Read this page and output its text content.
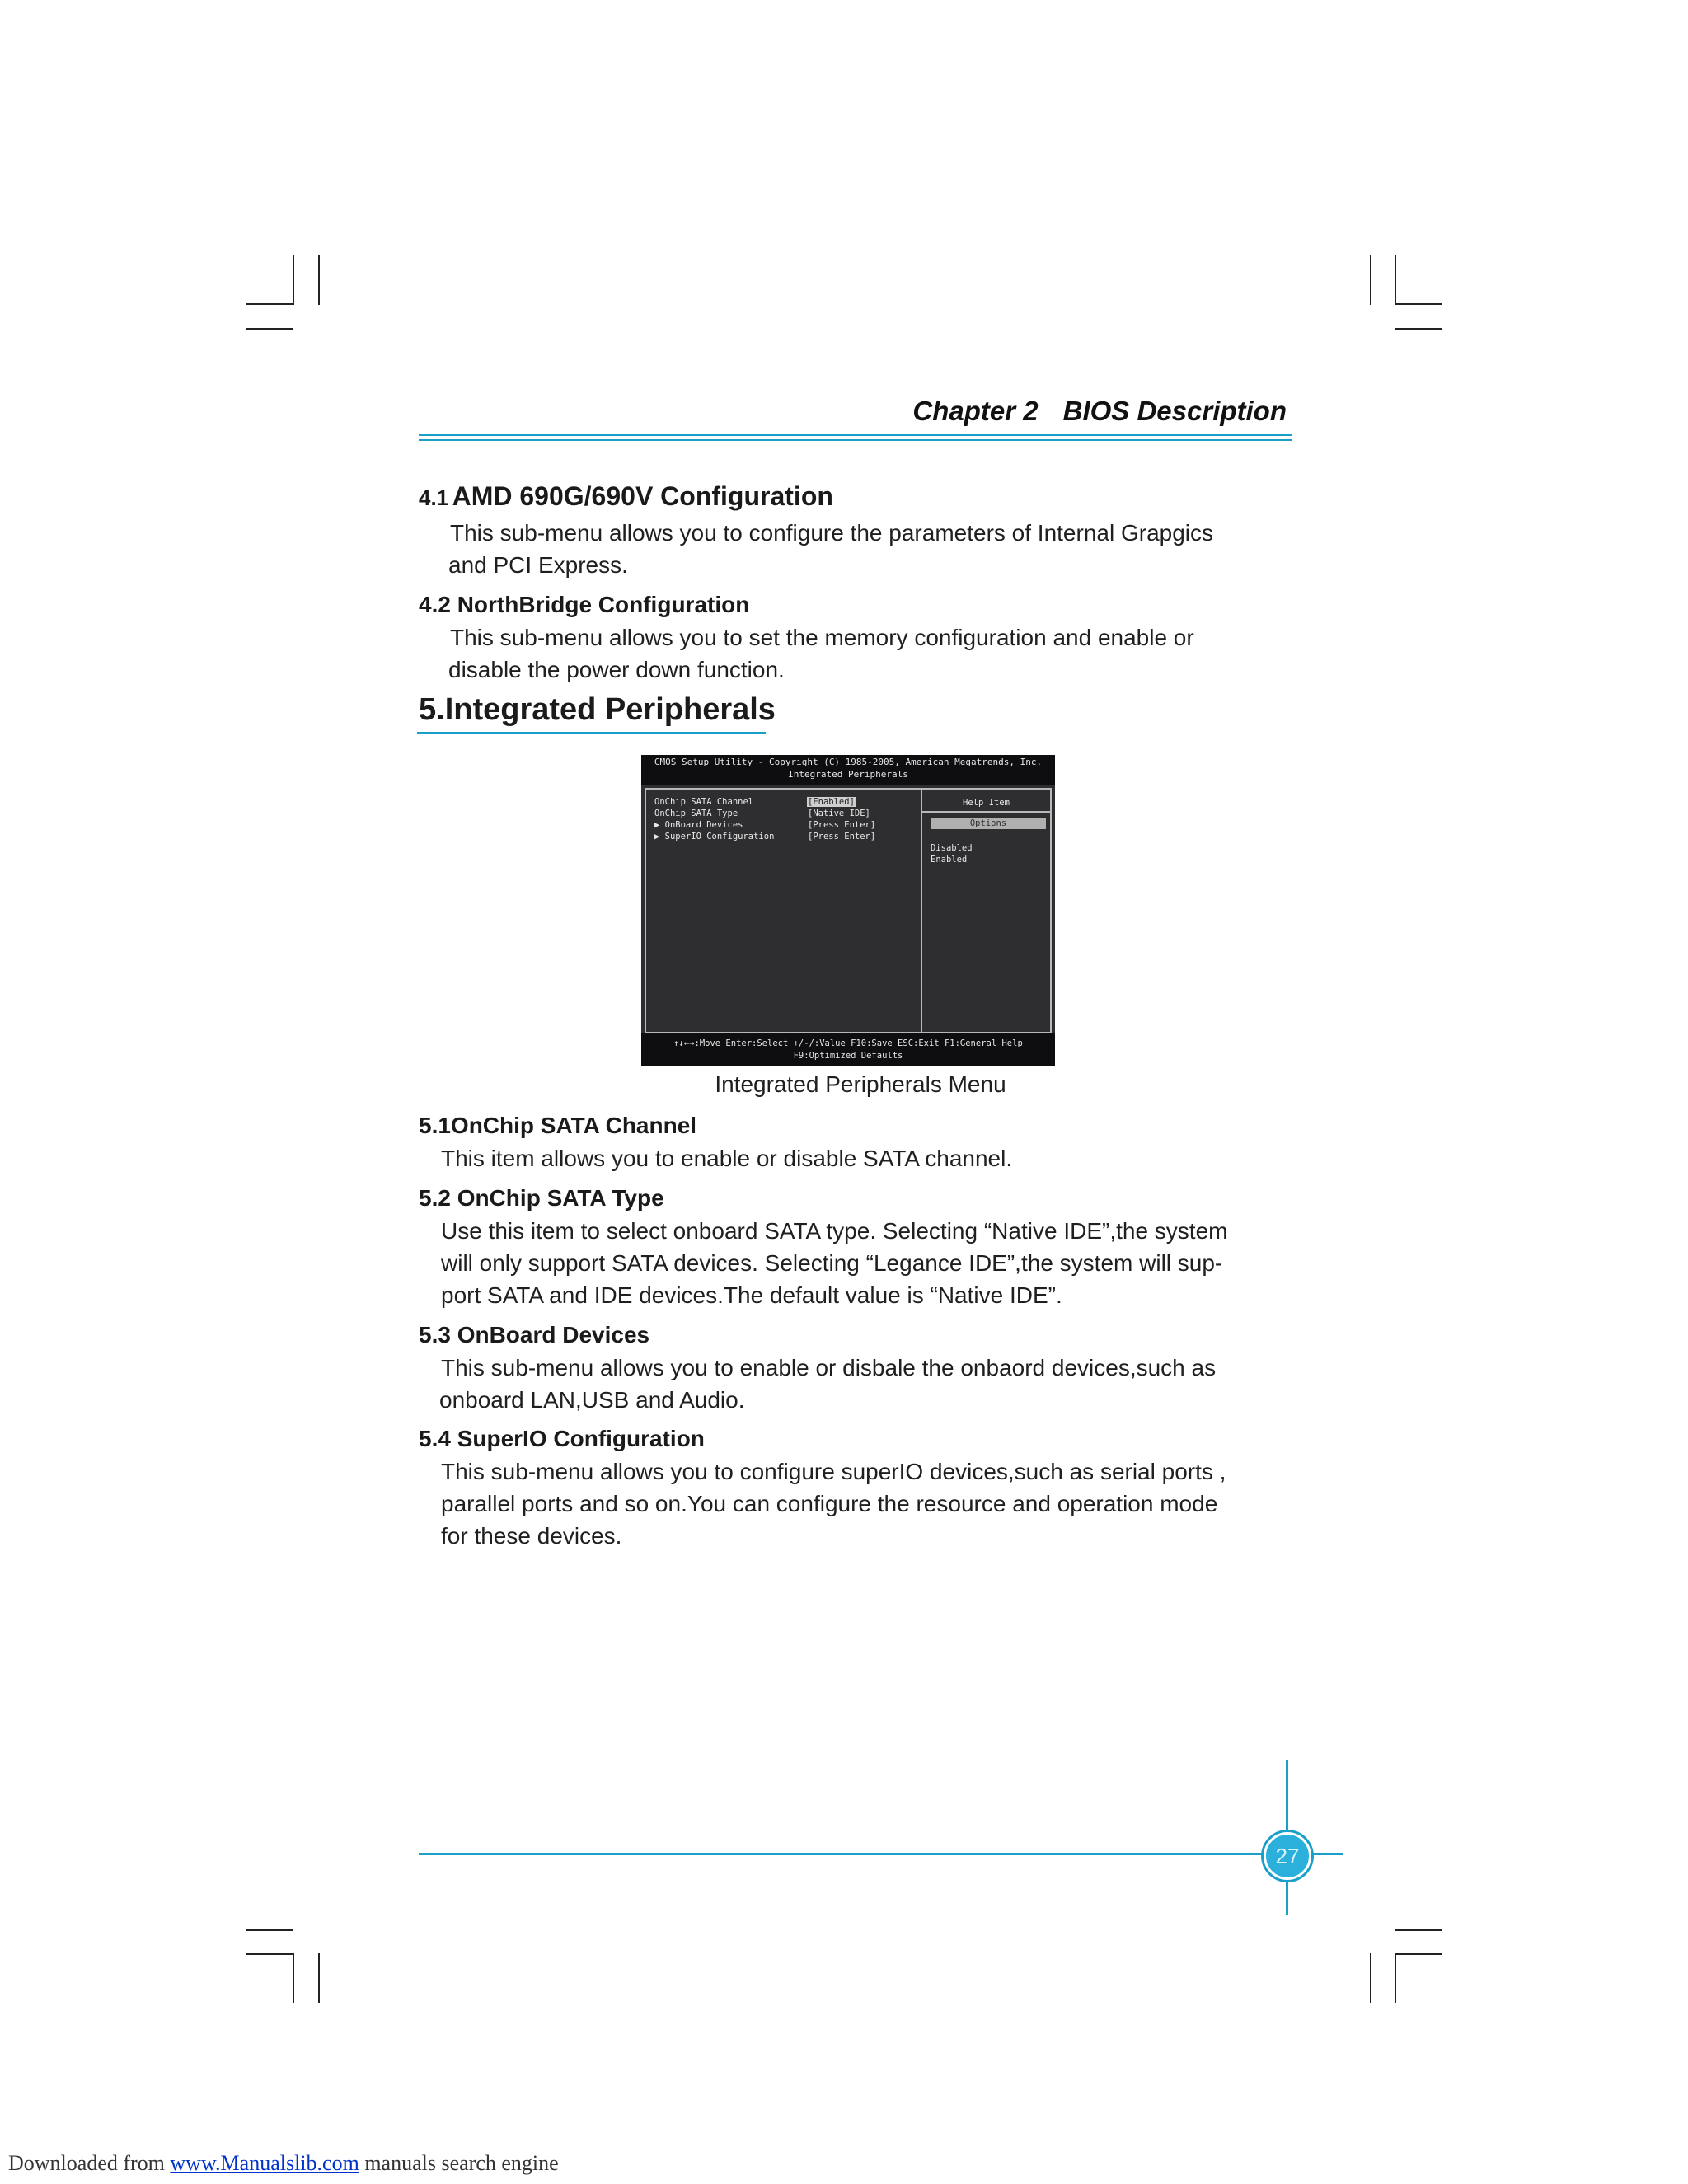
Chapter 2 BIOS Description
4.1 AMD 690G/690V Configuration
This sub-menu allows you to configure the parameters of Internal Grapgics
and PCI Express.
4.2 NorthBridge Configuration
This sub-menu allows you to set the memory configuration and enable or
disable the power down function.
5.Integrated Peripherals
CMOS Setup Utility - Copyright (C) 1985-2005, American Megatrends, Inc.
Integrated Peripherals
OnChip SATA Channel	[Enabled]
OnChip SATA Type	[Native IDE]
▶ OnBoard Devices	[Press Enter]
▶ SuperIO Configuration	[Press Enter]
Help Item
Options
Disabled
Enabled
↑↓←→:Move Enter:Select +/-/:Value F10:Save ESC:Exit F1:General Help
F9:Optimized Defaults
Integrated Peripherals Menu
5.1OnChip SATA Channel
This item allows you to enable or disable SATA channel.
5.2 OnChip SATA Type
Use this item to select onboard SATA type. Selecting “Native IDE”,the system
will only support SATA devices. Selecting “Legance IDE”,the system will sup-
port SATA and IDE devices.The default value is “Native IDE”.
5.3 OnBoard Devices
This sub-menu allows you to enable or disbale the onbaord devices,such as
onboard LAN,USB and Audio.
5.4 SuperIO Configuration
This sub-menu allows you to configure superIO devices,such as serial ports ,
parallel ports and so on.You can configure the resource and operation mode
for these devices.
27
Downloaded from www.Manualslib.com manuals search engine
